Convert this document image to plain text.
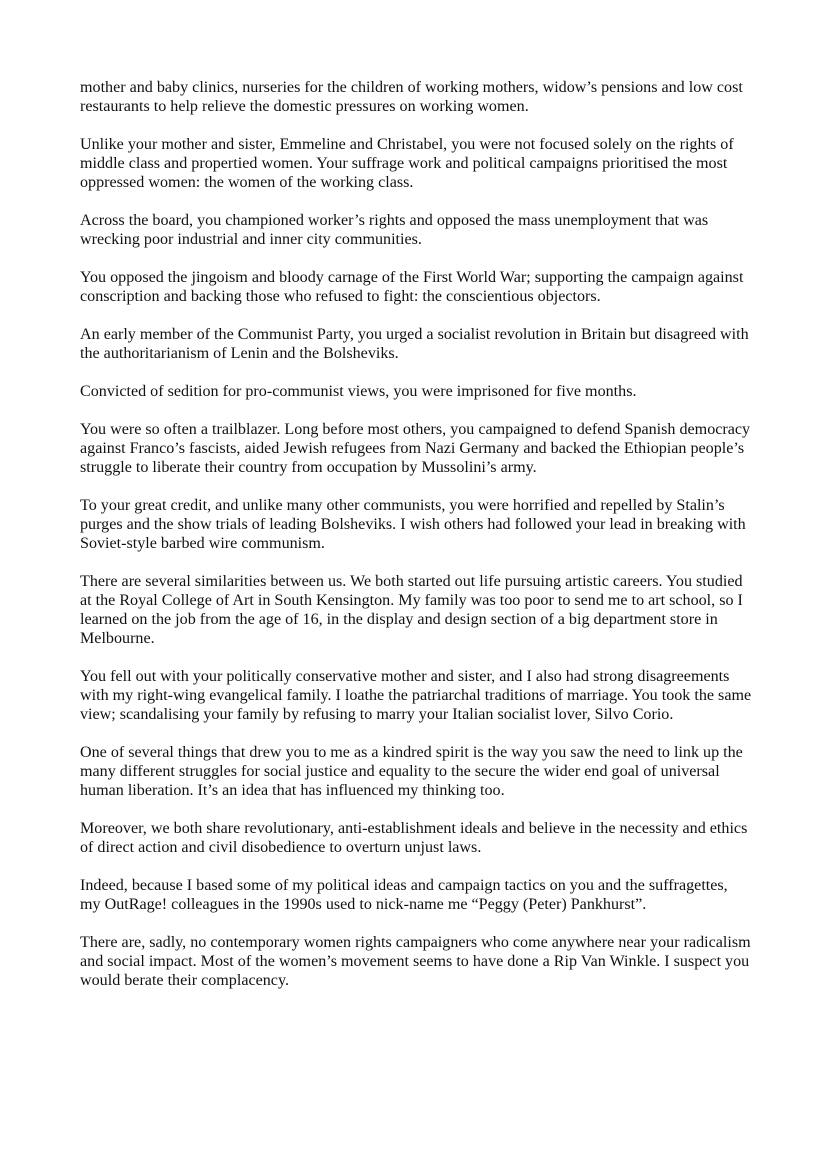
mother and baby clinics, nurseries for the children of working mothers, widow’s pensions and low cost restaurants to help relieve the domestic pressures on working women.

Unlike your mother and sister, Emmeline and Christabel, you were not focused solely on the rights of middle class and propertied women. Your suffrage work and political campaigns prioritised the most oppressed women: the women of the working class.

Across the board, you championed worker’s rights and opposed the mass unemployment that was wrecking poor industrial and inner city communities.

You opposed the jingoism and bloody carnage of the First World War; supporting the campaign against conscription and backing those who refused to fight: the conscientious objectors.

An early member of the Communist Party, you urged a socialist revolution in Britain but disagreed with the authoritarianism of Lenin and the Bolsheviks.

Convicted of sedition for pro-communist views, you were imprisoned for five months.

You were so often a trailblazer. Long before most others, you campaigned to defend Spanish democracy against Franco’s fascists, aided Jewish refugees from Nazi Germany and backed the Ethiopian people’s struggle to liberate their country from occupation by Mussolini’s army.

To your great credit, and unlike many other communists, you were horrified and repelled by Stalin’s purges and the show trials of leading Bolsheviks. I wish others had followed your lead in breaking with Soviet-style barbed wire communism.

There are several similarities between us. We both started out life pursuing artistic careers. You studied at the Royal College of Art in South Kensington. My family was too poor to send me to art school, so I learned on the job from the age of 16, in the display and design section of a big department store in Melbourne.

You fell out with your politically conservative mother and sister, and I also had strong disagreements with my right-wing evangelical family. I loathe the patriarchal traditions of marriage. You took the same view; scandalising your family by refusing to marry your Italian socialist lover, Silvo Corio.

One of several things that drew you to me as a kindred spirit is the way you saw the need to link up the many different struggles for social justice and equality to the secure the wider end goal of universal human liberation. It’s an idea that has influenced my thinking too.

Moreover, we both share revolutionary, anti-establishment ideals and believe in the necessity and ethics of direct action and civil disobedience to overturn unjust laws.

Indeed, because I based some of my political ideas and campaign tactics on you and the suffragettes, my OutRage! colleagues in the 1990s used to nick-name me “Peggy (Peter) Pankhurst”.

There are, sadly, no contemporary women rights campaigners who come anywhere near your radicalism and social impact. Most of the women’s movement seems to have done a Rip Van Winkle. I suspect you would berate their complacency.
